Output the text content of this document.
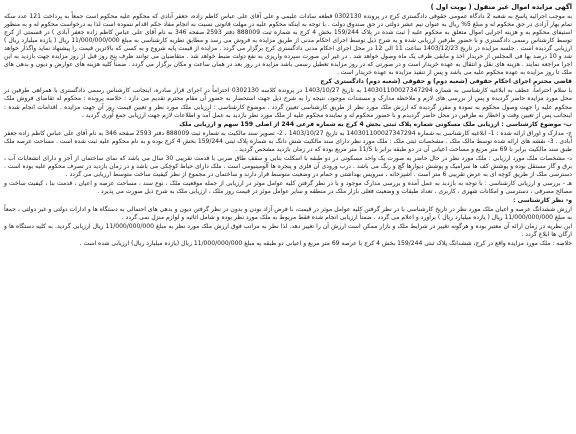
آگهی مزایده اموال غیر منقول ( نوبت اول )

به موجب اجرائیه پاسخ به شعبه 2 دادگاه عمومی حقوقی دادگستری کرج در پرونده 0302130 قطعه سادات علیمی و علی آقای علی عباس کاظم زاده، جعفر آبادی که محکوم علیه محکوم است جمعاً به پرداخت 121 عدد سکه تمام بهار آزادی در حق محکوم له و مبلغ 5% ریال به عنوان نیم عشر دولتی در حق صندوق دولت . با توجه به اینکه محکوم علیه در مهلت قانونی نسبت به انجام مفاد حکم اقدام ننموده است لذا به درخواست محکوم له و به منظور استیفای محکوم به و هزینه اجرایی اموال متعلق به محکوم علیه ( ثبت شده در پلاک 159/244 بخش 4 کرج به شماره ثبت 888009 دفتر 2593 صفحه 346 به نام آقای علی عباس کاظم زاده جعفر آبادی ) در قسمتی از کرج توسط کارشناس رسمی دادگستری و با حضور طرفین ارزیابی شده و به شرح ذیل توسط اجرای احکام مدنی از طریق مزایده به فروش می رسد و مطابق نظریه کارشناسی به مبلغ 11/000/000/000 ریال ( یازده میلیارد ریال ) ارزیابی گردیده است . جلسه مزایده در تاریخ 1403/12/23 ساعت 11 الی 12 در محل اجرای احکام مدنی دادگستری کرج برگزار می گردد . مزایده از قیمت پایه شروع و به کسی که بالاترین قیمت را پیشنهاد نماید واگذار خواهد شد و 10 درصد بها فی المجلس از خریدار اخذ و مابقی ظرف یک ماه وصول خواهد شد . در غیر این صورت سپرده واریزی به نفع دولت ضبط خواهد شد . متقاضیان می توانند ظرف پنج روز قبل از روز مزایده جهت بازدید به این اجرا مراجعه نمایند . هزینه های نقل و انتقال به عهده خریدار است و در صورتی که در روز مزایده تعطیل رسمی باشد مزایده در روز بعد در همان ساعت و مکان برگزار می گردد . ضمناً کلیه هزینه های عوارض و دیون و بدهی های ملک تا روز مزایده به عهده محکوم علیه می باشد و پس از تنفیذ مزایده به عهده خریدار است .

قاضی محترم اجرای احکام حقوقی (شعبه دوم) و حقوقی (شعبه دوم) دادگستری کرج

با سلام احتراماً، عطف به ابلاغیه کارشناسی به شماره 140301100027347294 به تاریخ 1403/10/27 در پرونده کلاسه 0302130 احتراماً در اجرای قرار صادره، اینجانب کارشناس رسمی دادگستری با همراهی طرفین در محل مورد مزایده حاضر گردیده و پس از بررسی های لازم و ملاحظه مدارک و مستندات موجود، نتیجه را به شرح ذیل جهت استحضار به حضور آن مقام محترم تقدیم می دارد : خلاصه پرونده : محکوم له تقاضای فروش ملک محکوم علیه را جهت وصول محکوم به نموده و مقرر گردیده که ارزش ملک مورد نظر از طریق کارشناسی تعیین گردد . موضوع کارشناسی : ارزیابی ملک مورد نظر و تعیین قیمت روز آن جهت مزایده . اقدامات انجام شده : اینجانب پس از تعیین وقت و اخطار به طرفین در محل حاضر گردیدم و با حضور محکوم له و نماینده محکوم علیه از ملک مورد نظر بازدید به عمل آمد و اطلاعات لازم جهت ارزیابی جمع آوری گردید .

ب- موضوع کارشناسی : ارزیابی ملک مسکونی شماره پلاک ثبتی بخش 4 کرج به شماره فرعی 244 از اصلی 159 سهم و ارزیابی ملک

ج- مدارک و اوراق ارائه شده : 1- ابلاغیه کارشناسی به شماره 140301100027347294 به تاریخ 1403/10/27 ، 2- تصویر سند مالکیت به شماره ثبت 888009 دفتر 2593 صفحه 346 به نام آقای علی عباس کاظم زاده جعفر آبادی . 3- نقشه های ارائه شده توسط مالک ملک . مشخصات ثبتی ملک : ملک مورد نظر دارای سند مالکیت شش دانگ به شماره پلاک ثبتی 159/244 بخش 4 کرج بوده و به نام محکوم علیه ثبت شده است . مساحت عرصه ملک طبق سند مالکیت برابر با 69 متر مربع و مساحت اعیانی آن در دو طبقه برابر با 11/5 متر مربع بوده که در زمان بازدید مشخص گردید .

د- مشخصات ملک مورد ارزیابی : ملک مورد نظر در حال حاضر به صورت یک واحد مسکونی در دو طبقه با اسکلت بنایی و سقف طاق ضربی با قدمت تقریبی 30 سال می باشد که نمای ساختمان از آجر و دارای انشعابات آب ، برق و گاز مستقل بوده و پوشش کف ها سرامیک و پوشش دیوارها گچ و رنگ می باشد . درب ورودی آن فلزی و پنجره ها آلومینیومی است . ملک دارای حیاط کوچکی می باشد و در زمان بازدید در تصرف محکوم علیه بوده است . دسترسی ملک از طریق کوچه ای به عرض تقریبی 6 متر است . آشپزخانه ، سرویس بهداشتی و حمام در وضعیت متوسط قرار دارند و ساختمان در مجموع از نظر کیفیت ساخت متوسط ارزیابی می گردد .

هـ - بررسی و ارزیابی کارشناسی : با توجه به بازدید به عمل آمده و بررسی مدارک موجود و با در نظر گرفتن کلیه عوامل موثر در ارزیابی از جمله موقعیت ملک ، نوع سند ، مساحت عرصه و اعیان ، قدمت بنا ، کیفیت ساخت و مصالح مصرفی ، دسترسی و امکانات شهری ، کاربری ، تعداد طبقات و وضعیت فعلی بازار ملک در منطقه و سایر عوامل موثر در قیمت روز ملک ، ارزیابی ملک به شرح ذیل صورت می پذیرد .

و- نظر کارشناسی :

ارزش ششدانگ عرصه و اعیان ملک مورد نظر در تاریخ کارشناسی با در نظر گرفتن کلیه عوامل موثر در قیمت، با فرض آزاد بودن و بدون در نظر گرفتن دیون و بدهی های احتمالی به دستگاه ها و ادارات دولتی و غیر دولتی ، جمعاً به مبلغ 11/000/000/000 ریال ( یازده میلیارد ریال ) برآورد و اعلام می گردد . ضمناً ارزیابی انجام شده فقط مربوط به ملک مورد نظر بوده و شامل اثاثیه و لوازم منزل نمی گردد .

این نظریه در زمان ارائه آن معتبر بوده و هرگونه تغییر در شرایط ملک و بازار ممکن است ارزش آن را تغییر دهد. لذا نظر به مراتب فوق ارزش ملک مورد نظر به مبلغ 11/000/000/000 ریال ارزیابی گردید. به کلیه دستگاه ها و ارگان ها ابلاغ گردد .

خلاصه : ملک مورد مزایده واقع در کرج، ششدانگ پلاک ثبتی 159/244 بخش 4 کرج با عرصه 69 متر مربع و اعیانی دو طبقه به مبلغ 11/000/000/000 ریال (یازده میلیارد ریال) ارزیابی شده است .
